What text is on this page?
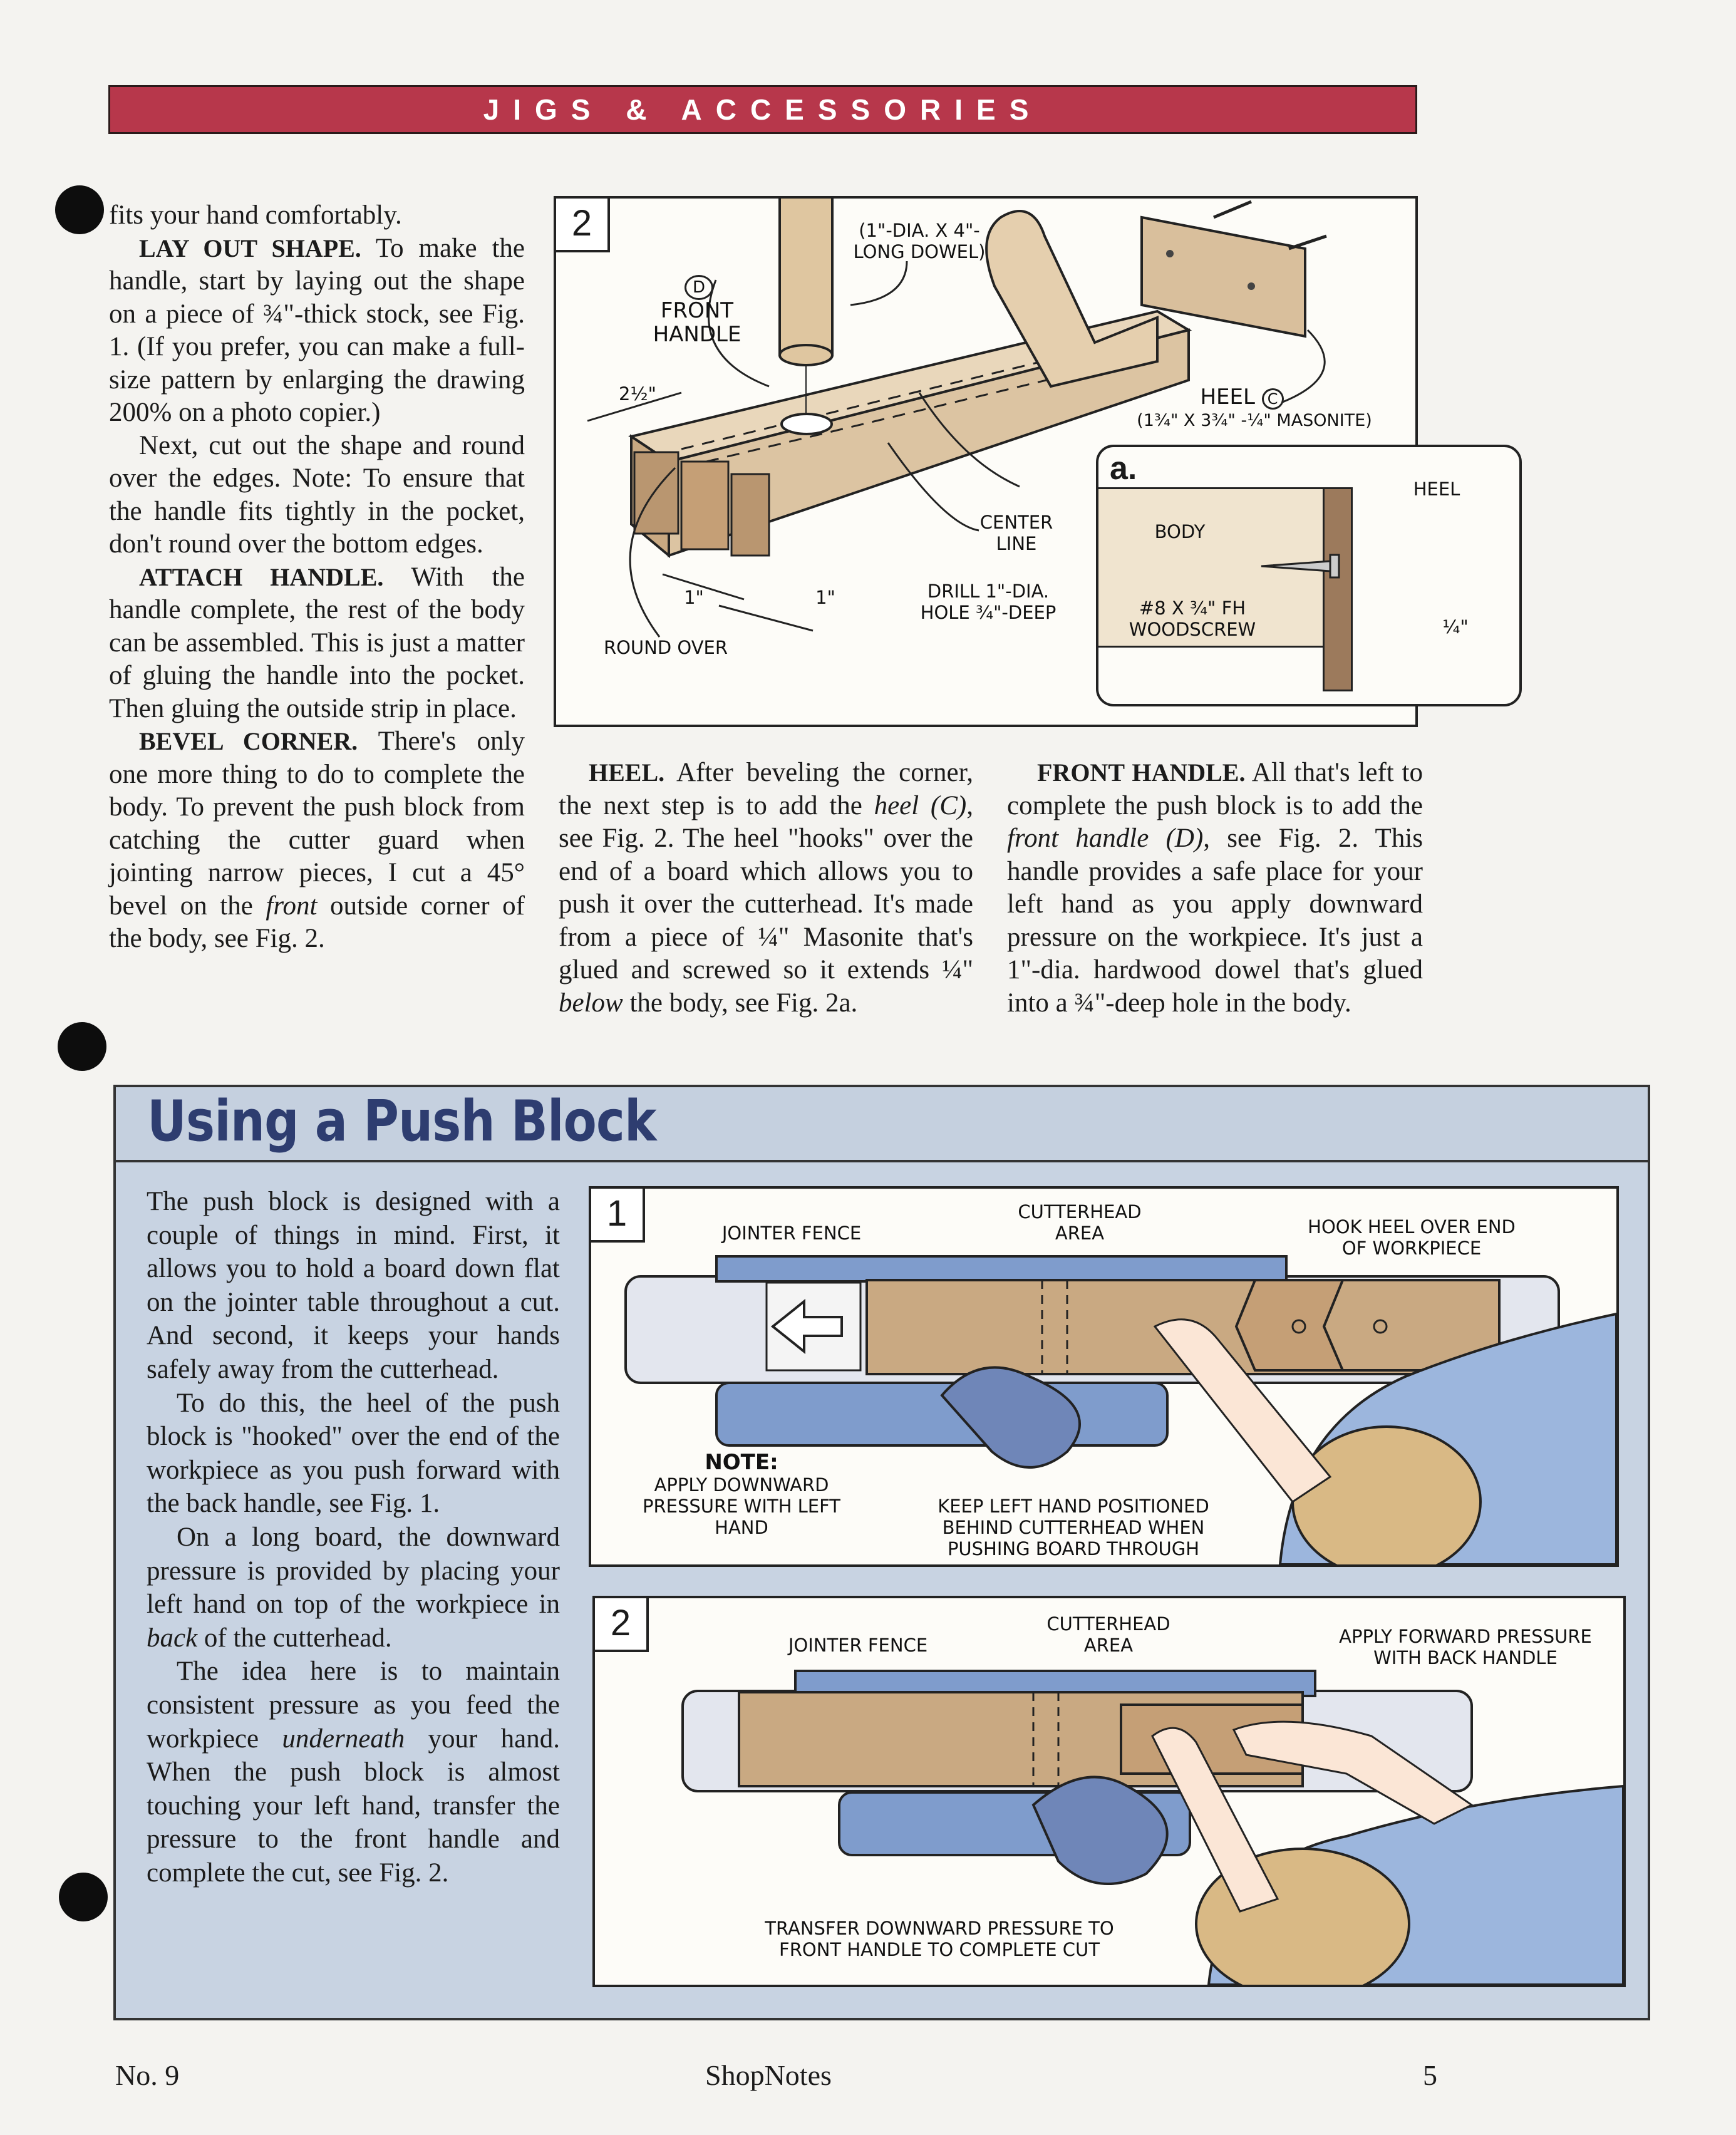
JIGS & ACCESSORIES

fits your hand comfortably.

LAY OUT SHAPE. To make the handle, start by laying out the shape on a piece of ¾"-thick stock, see Fig. 1. (If you prefer, you can make a full-size pattern by enlarging the drawing 200% on a photo copier.)

Next, cut out the shape and round over the edges. Note: To ensure that the handle fits tightly in the pocket, don't round over the bottom edges.

ATTACH HANDLE. With the handle complete, the rest of the body can be assembled. This is just a matter of gluing the handle into the pocket. Then gluing the outside strip in place.

BEVEL CORNER. There's only one more thing to do to complete the body. To prevent the push block from catching the cutter guard when jointing narrow pieces, I cut a 45° bevel on the front outside corner of the body, see Fig. 2.

2	(1"-DIA. X 4"-
LONG DOWEL)
D
FRONT HANDLE
2½"	HEEL C
(1¾" X 3¾" -¼" MASONITE)
CENTER LINE
DRILL 1"-DIA. HOLE ¾"-DEEP
1"	1"
ROUND OVER
a.
BODY
HEEL
#8 X ¾" FH
WOODSCREW	¼"

HEEL. After beveling the corner, the next step is to add the heel (C), see Fig. 2. The heel "hooks" over the end of a board which allows you to push it over the cutterhead. It's made from a piece of ¼" Masonite that's glued and screwed so it extends ¼" below the body, see Fig. 2a.

FRONT HANDLE. All that's left to complete the push block is to add the front handle (D), see Fig. 2. This handle provides a safe place for your left hand as you apply downward pressure on the workpiece. It's just a 1"-dia. hardwood dowel that's glued into a ¾"-deep hole in the body.

Using a Push Block

The push block is designed with a couple of things in mind. First, it allows you to hold a board down flat on the jointer table throughout a cut. And second, it keeps your hands safely away from the cutterhead.

To do this, the heel of the push block is "hooked" over the end of the workpiece as you push forward with the back handle, see Fig. 1.

On a long board, the downward pressure is provided by placing your left hand on top of the workpiece in back of the cutterhead.

The idea here is to maintain consistent pressure as you feed the workpiece underneath your hand. When the push block is almost touching your left hand, transfer the pressure to the front handle and complete the cut, see Fig. 2.

1	JOINTER FENCE
CUTTERHEAD AREA	HOOK HEEL OVER END OF WORKPIECE
NOTE:
APPLY DOWNWARD PRESSURE WITH LEFT HAND
KEEP LEFT HAND POSITIONED BEHIND CUTTERHEAD WHEN PUSHING BOARD THROUGH
2
JOINTER FENCE
CUTTERHEAD AREA	APPLY FORWARD PRESSURE WITH BACK HANDLE
TRANSFER DOWNWARD PRESSURE TO FRONT HANDLE TO COMPLETE CUT
No. 9	ShopNotes	5
